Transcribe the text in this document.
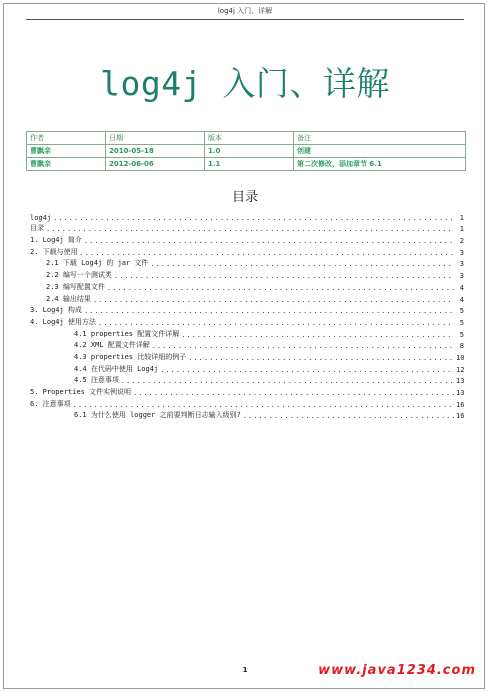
log4j 入门、详解
log4j 入门、详解
作者	日期	版本	备注
曹飘亲	2010-05-18	1.0	创建
曹飘亲	2012-06-06	1.1	第二次修改，添加章节 6.1
目录
log4j .....	1
目录 .....	1
1. Log4j 简介 .....	2
2. 下载与使用 .....	3
2.1 下载 Log4j 的 jar 文件 .....	3
2.2 编写一个测试类 .....	3
2.3 编写配置文件 .....	4
2.4 输出结果 .....	4
3. Log4j 构成 .....	5
4. Log4j 使用方法 .....	5
4.1 properties 配置文件详解 .....	5
4.2 XML 配置文件详解 .....	8
4.3 properties 比较详细的例子 .....	10
4.4 在代码中使用 Log4j .....	12
4.5 注意事项 .....	13
5. Properties 文件实例说明 .....	13
6. 注意事项 .....	16
6.1 为什么使用 logger 之前要判断日志输入级别? .....	16
1	www.java1234.com
